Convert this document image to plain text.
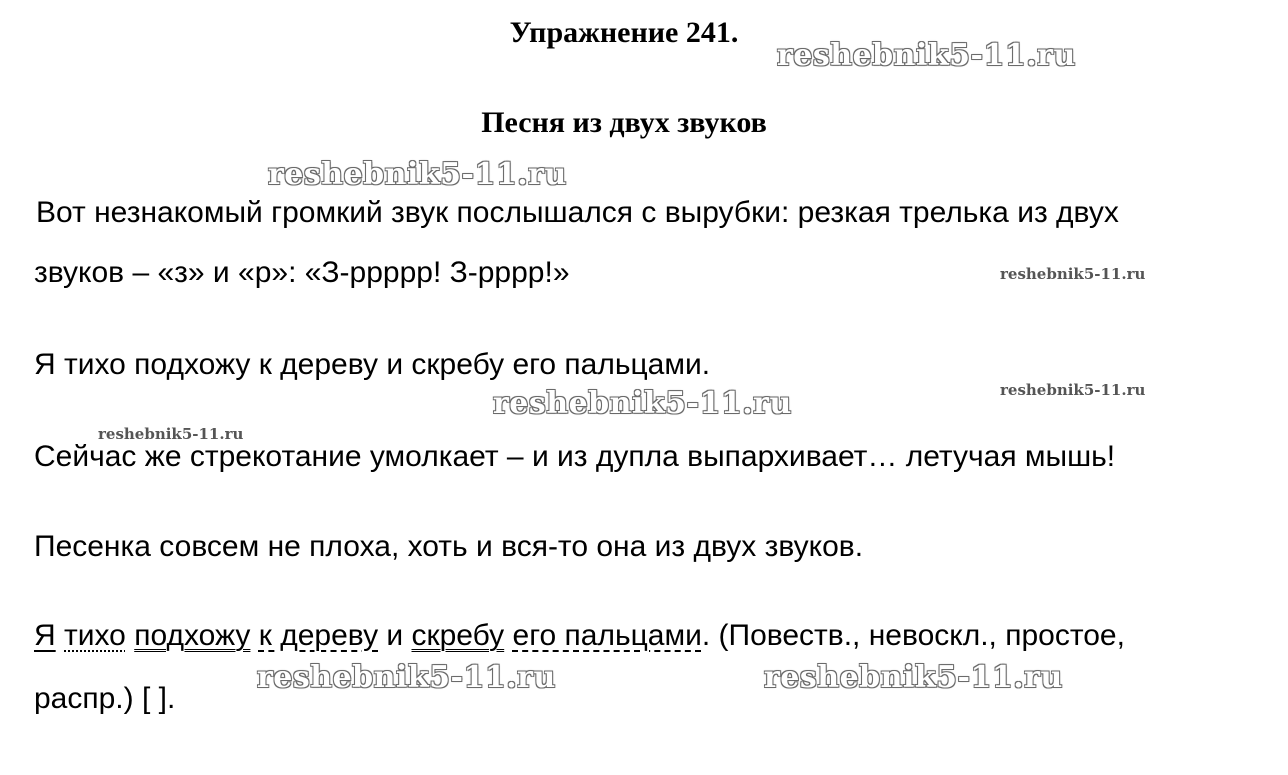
Упражнение 241.
Песня из двух звуков

Вот незнакомый громкий звук послышался с вырубки: резкая трелька из двух

звуков – «з» и «р»: «З-ррррр! З-рррр!»

Я тихо подхожу к дереву и скребу его пальцами.

Сейчас же стрекотание умолкает – и из дупла выпархивает… летучая мышь!

Песенка совсем не плоха, хоть и вся-то она из двух звуков.

Я тихо подхожу к дереву и скребу его пальцами. (Повеств., невоскл., простое,

распр.) [ ].

reshebnik5-11.ru
reshebnik5-11.ru
reshebnik5-11.ru
reshebnik5-11.ru
reshebnik5-11.ru
reshebnik5-11.ru
reshebnik5-11.ru	reshebnik5-11.ru
